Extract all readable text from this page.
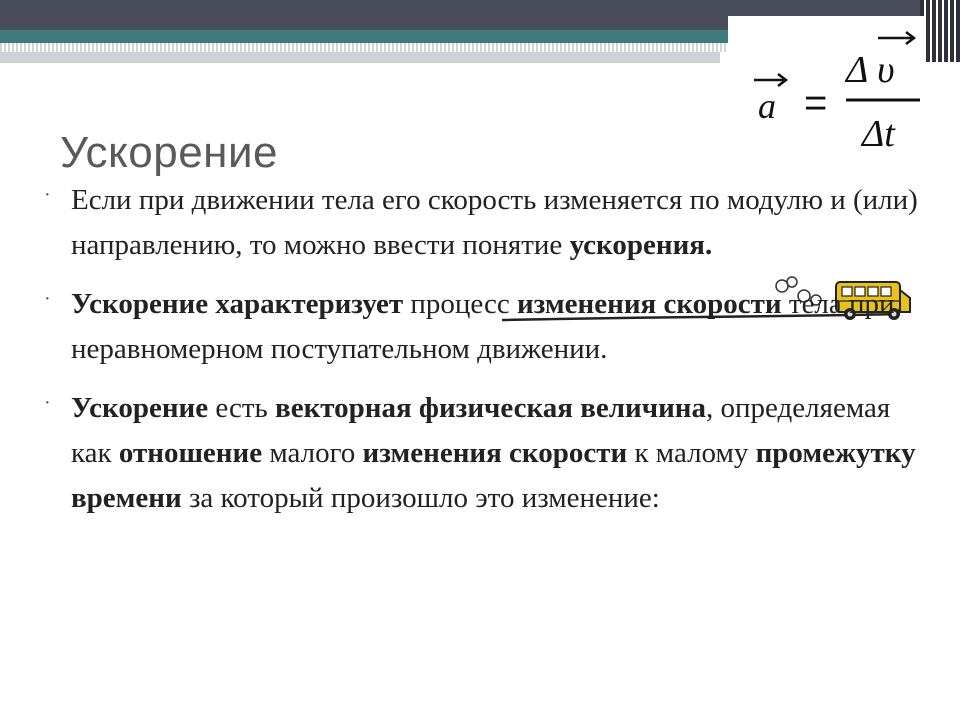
a =
Δ υ
Δt
Ускорение
· Если при движении тела его скорость изменяется по модулю и (или) направлению, то можно ввести понятие ускорения.
· Ускорение характеризует процесс изменения скорости тела при неравномерном поступательном движении.
· Ускорение есть векторная физическая величина, определяемая как отношение малого изменения скорости к малому промежутку времени за который произошло это изменение:
